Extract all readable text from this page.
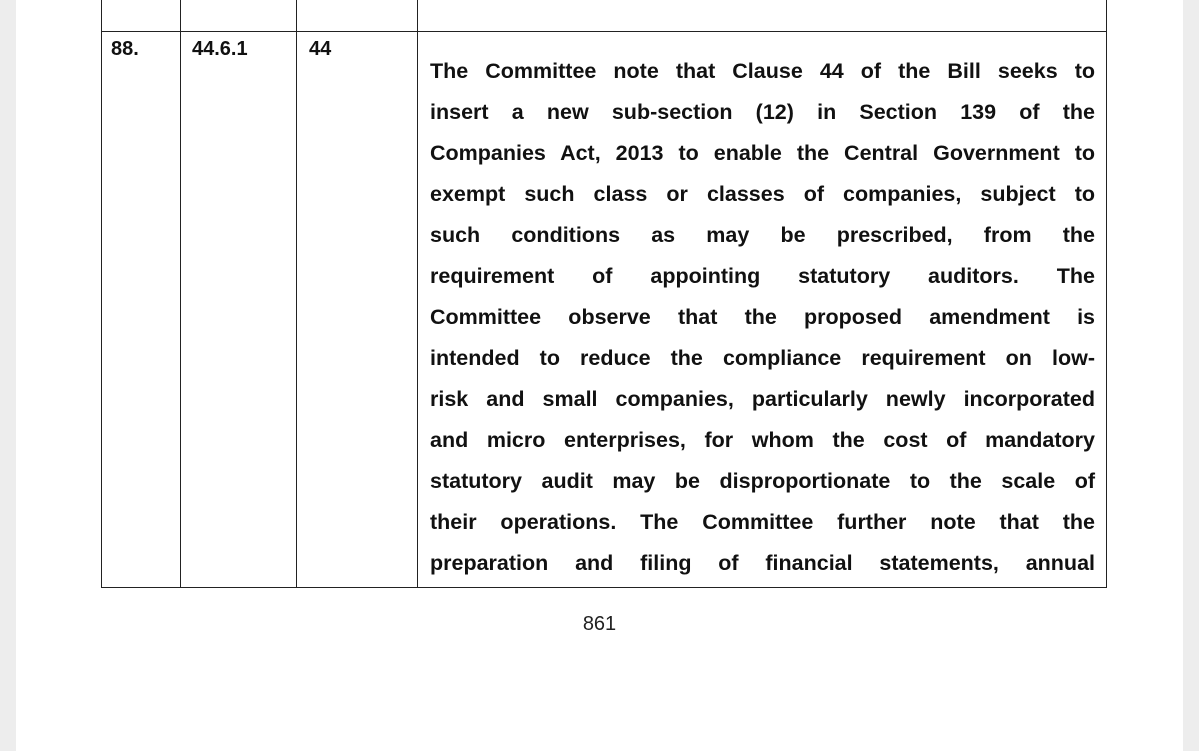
88.	44.6.1	44

The Committee note that Clause 44 of the Bill seeks to
insert a new sub-section (12) in Section 139 of the
Companies Act, 2013 to enable the Central Government to
exempt such class or classes of companies, subject to
such conditions as may be prescribed, from the
requirement of appointing statutory auditors. The
Committee observe that the proposed amendment is
intended to reduce the compliance requirement on low-
risk and small companies, particularly newly incorporated
and micro enterprises, for whom the cost of mandatory
statutory audit may be disproportionate to the scale of
their operations. The Committee further note that the
preparation and filing of financial statements, annual

861
